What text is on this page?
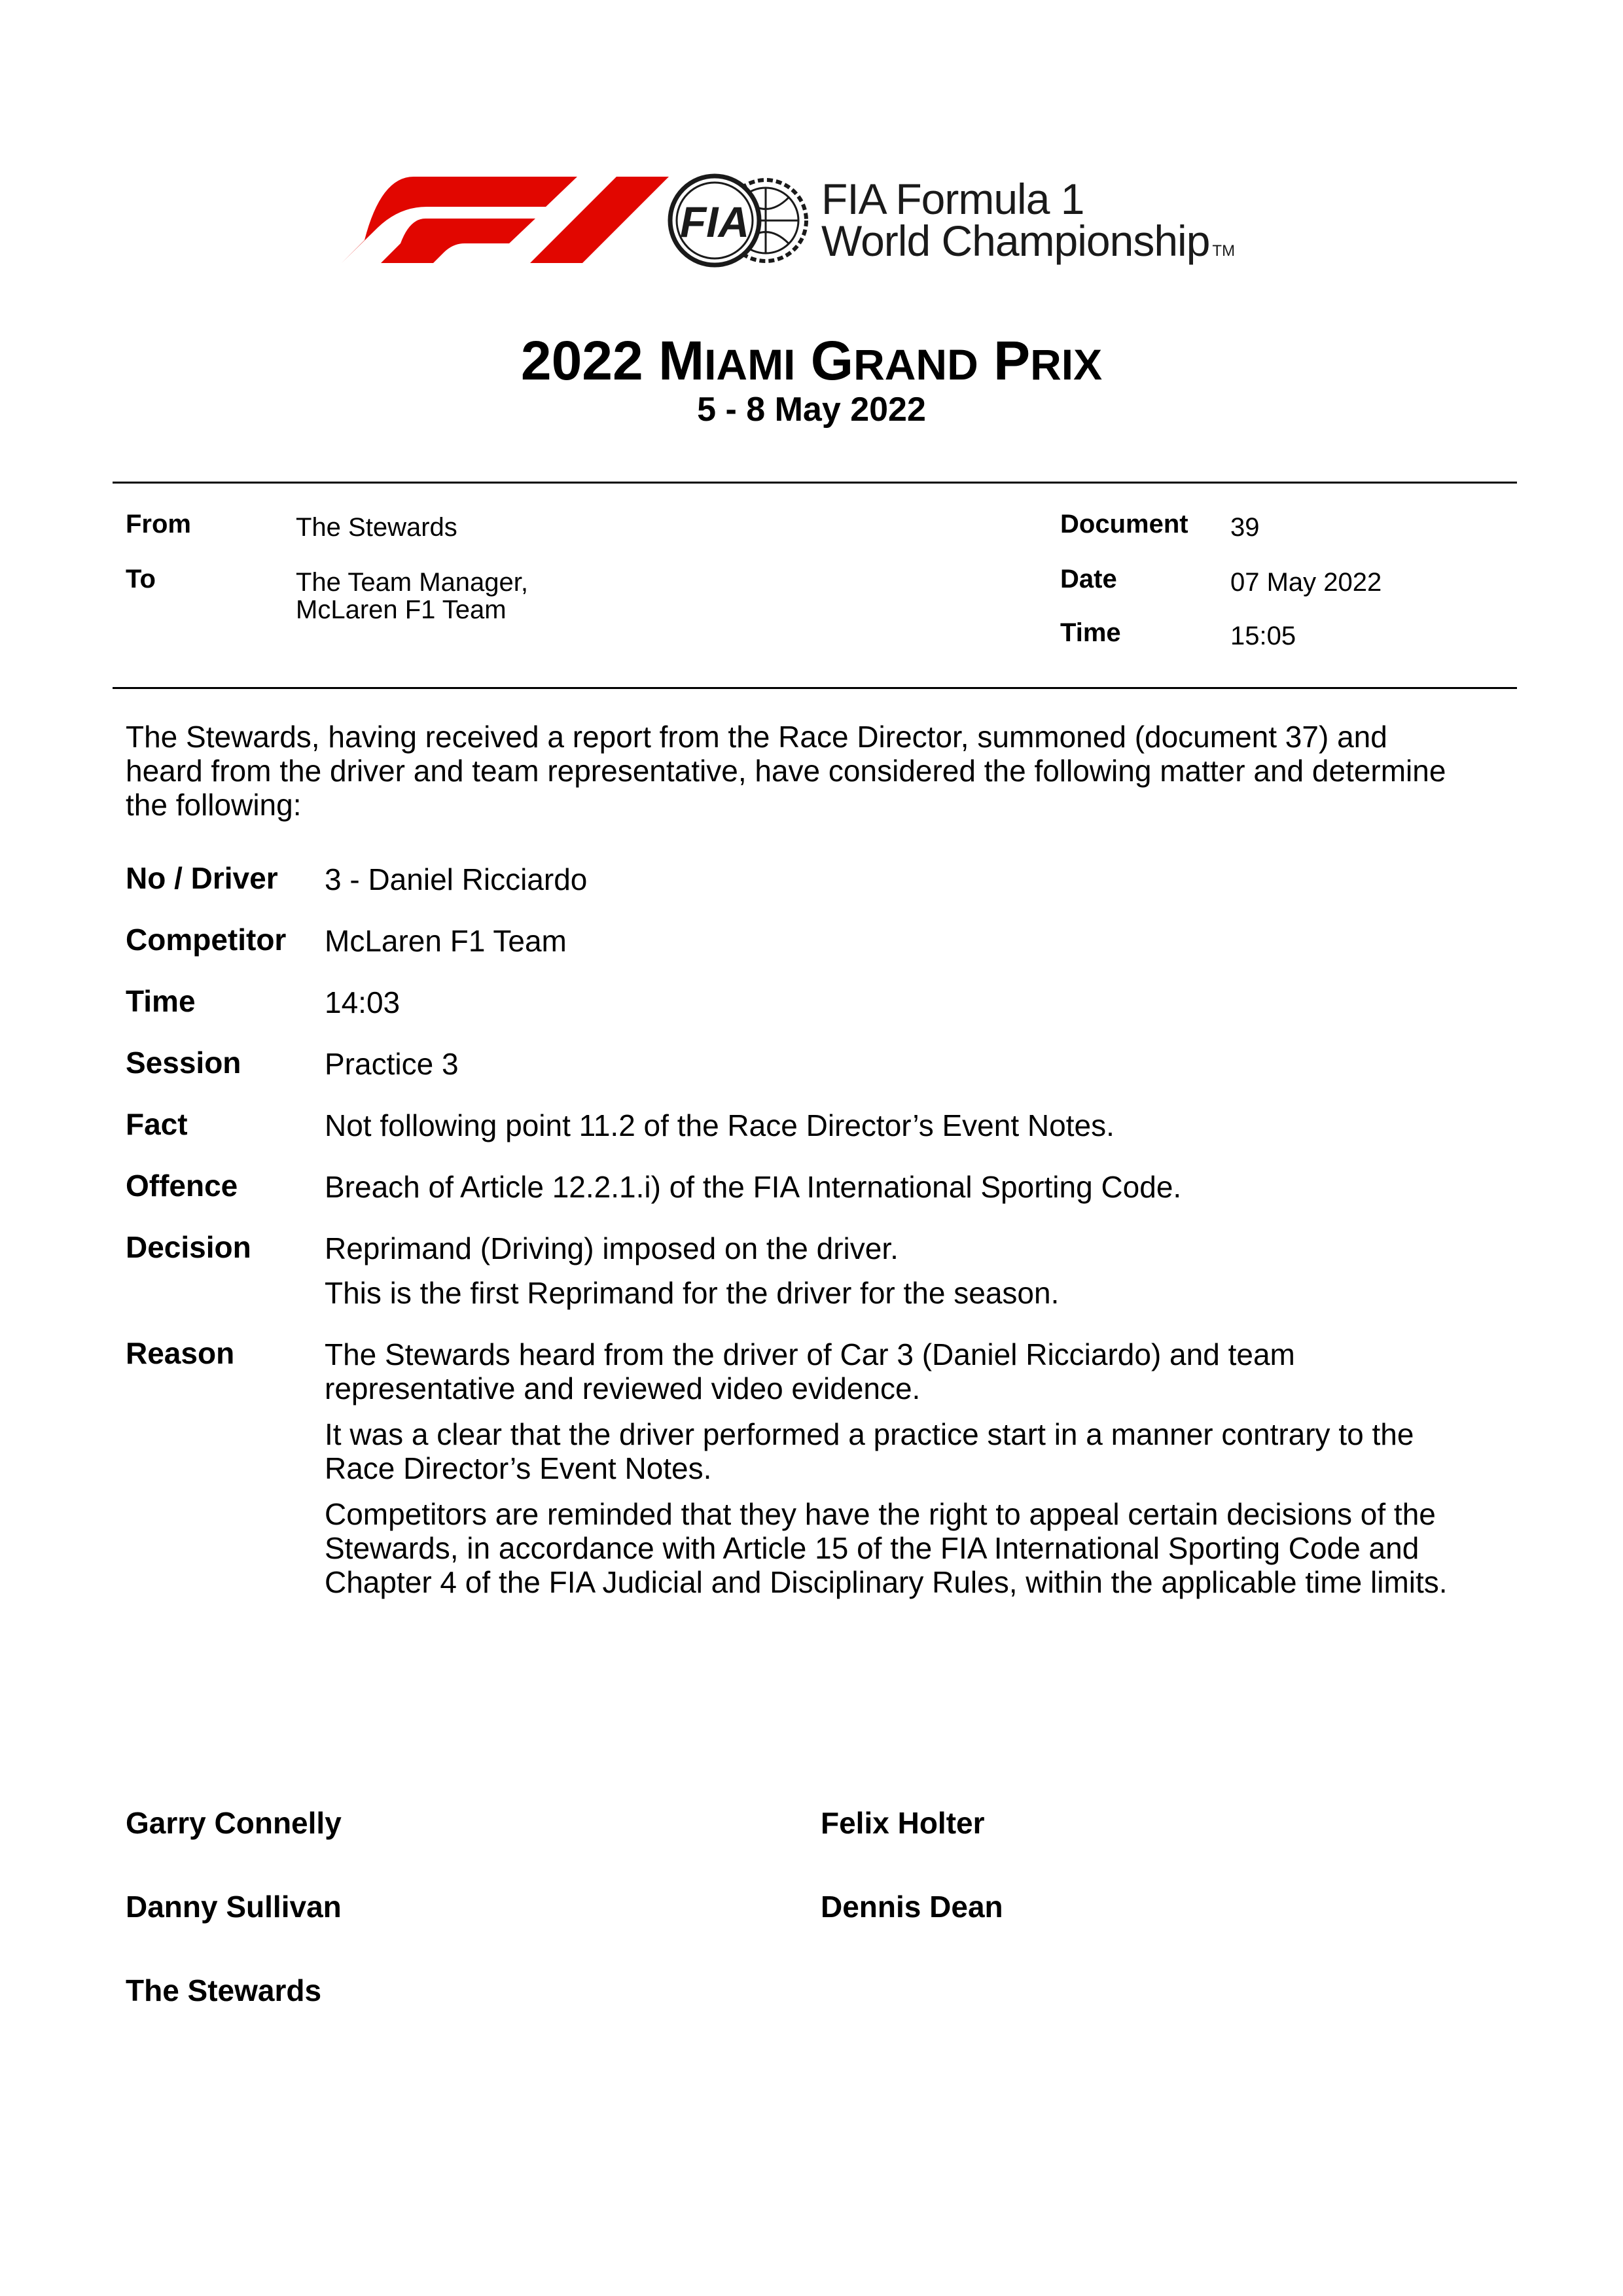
FIA FIA Formula 1
World Championship TM
2022 MIAMI GRAND PRIX
5 - 8 May 2022
From	The Stewards
To	The Team Manager,
McLaren F1 Team
Document 39
Date	07 May 2022
Time	15:05
The Stewards, having received a report from the Race Director, summoned (document 37) and
heard from the driver and team representative, have considered the following matter and determine
the following:
No / Driver 3 - Daniel Ricciardo
Competitor McLaren F1 Team
Time	14:03
Session	Practice 3
Fact	Not following point 11.2 of the Race Director’s Event Notes.
Offence	Breach of Article 12.2.1.i) of the FIA International Sporting Code.
Decision Reprimand (Driving) imposed on the driver.
This is the first Reprimand for the driver for the season.
Reason	The Stewards heard from the driver of Car 3 (Daniel Ricciardo) and team
representative and reviewed video evidence.
It was a clear that the driver performed a practice start in a manner contrary to the
Race Director’s Event Notes.
Competitors are reminded that they have the right to appeal certain decisions of the
Stewards, in accordance with Article 15 of the FIA International Sporting Code and
Chapter 4 of the FIA Judicial and Disciplinary Rules, within the applicable time limits.
Garry Connelly	Felix Holter
Danny Sullivan	Dennis Dean
The Stewards
